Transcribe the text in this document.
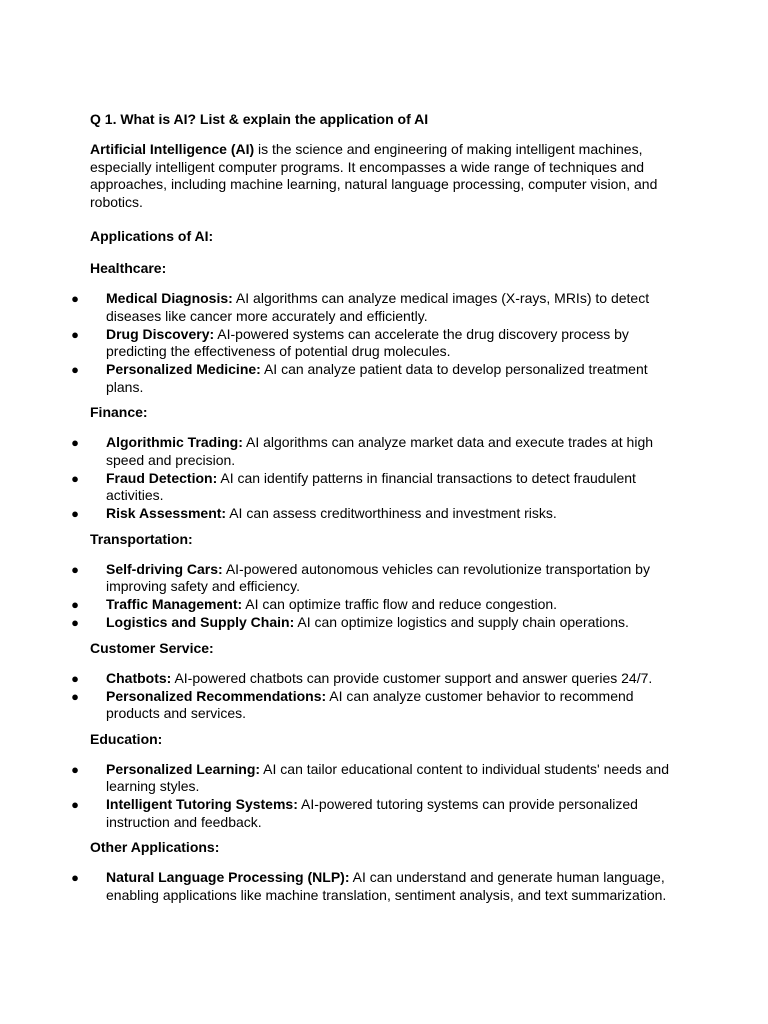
Q 1. What is AI? List & explain the application of AI

Artificial Intelligence (AI) is the science and engineering of making intelligent machines, especially intelligent computer programs. It encompasses a wide range of techniques and approaches, including machine learning, natural language processing, computer vision, and robotics.

Applications of AI:
Healthcare:
● Medical Diagnosis: AI algorithms can analyze medical images (X-rays, MRIs) to detect diseases like cancer more accurately and efficiently.
● Drug Discovery: AI-powered systems can accelerate the drug discovery process by predicting the effectiveness of potential drug molecules.
● Personalized Medicine: AI can analyze patient data to develop personalized treatment plans.
Finance:
● Algorithmic Trading: AI algorithms can analyze market data and execute trades at high speed and precision.
● Fraud Detection: AI can identify patterns in financial transactions to detect fraudulent activities.
● Risk Assessment: AI can assess creditworthiness and investment risks.
Transportation:
● Self-driving Cars: AI-powered autonomous vehicles can revolutionize transportation by improving safety and efficiency.
● Traffic Management: AI can optimize traffic flow and reduce congestion.
● Logistics and Supply Chain: AI can optimize logistics and supply chain operations.
Customer Service:
● Chatbots: AI-powered chatbots can provide customer support and answer queries 24/7.
● Personalized Recommendations: AI can analyze customer behavior to recommend products and services.
Education:
● Personalized Learning: AI can tailor educational content to individual students' needs and learning styles.
● Intelligent Tutoring Systems: AI-powered tutoring systems can provide personalized instruction and feedback.
Other Applications:
● Natural Language Processing (NLP): AI can understand and generate human language, enabling applications like machine translation, sentiment analysis, and text summarization.
